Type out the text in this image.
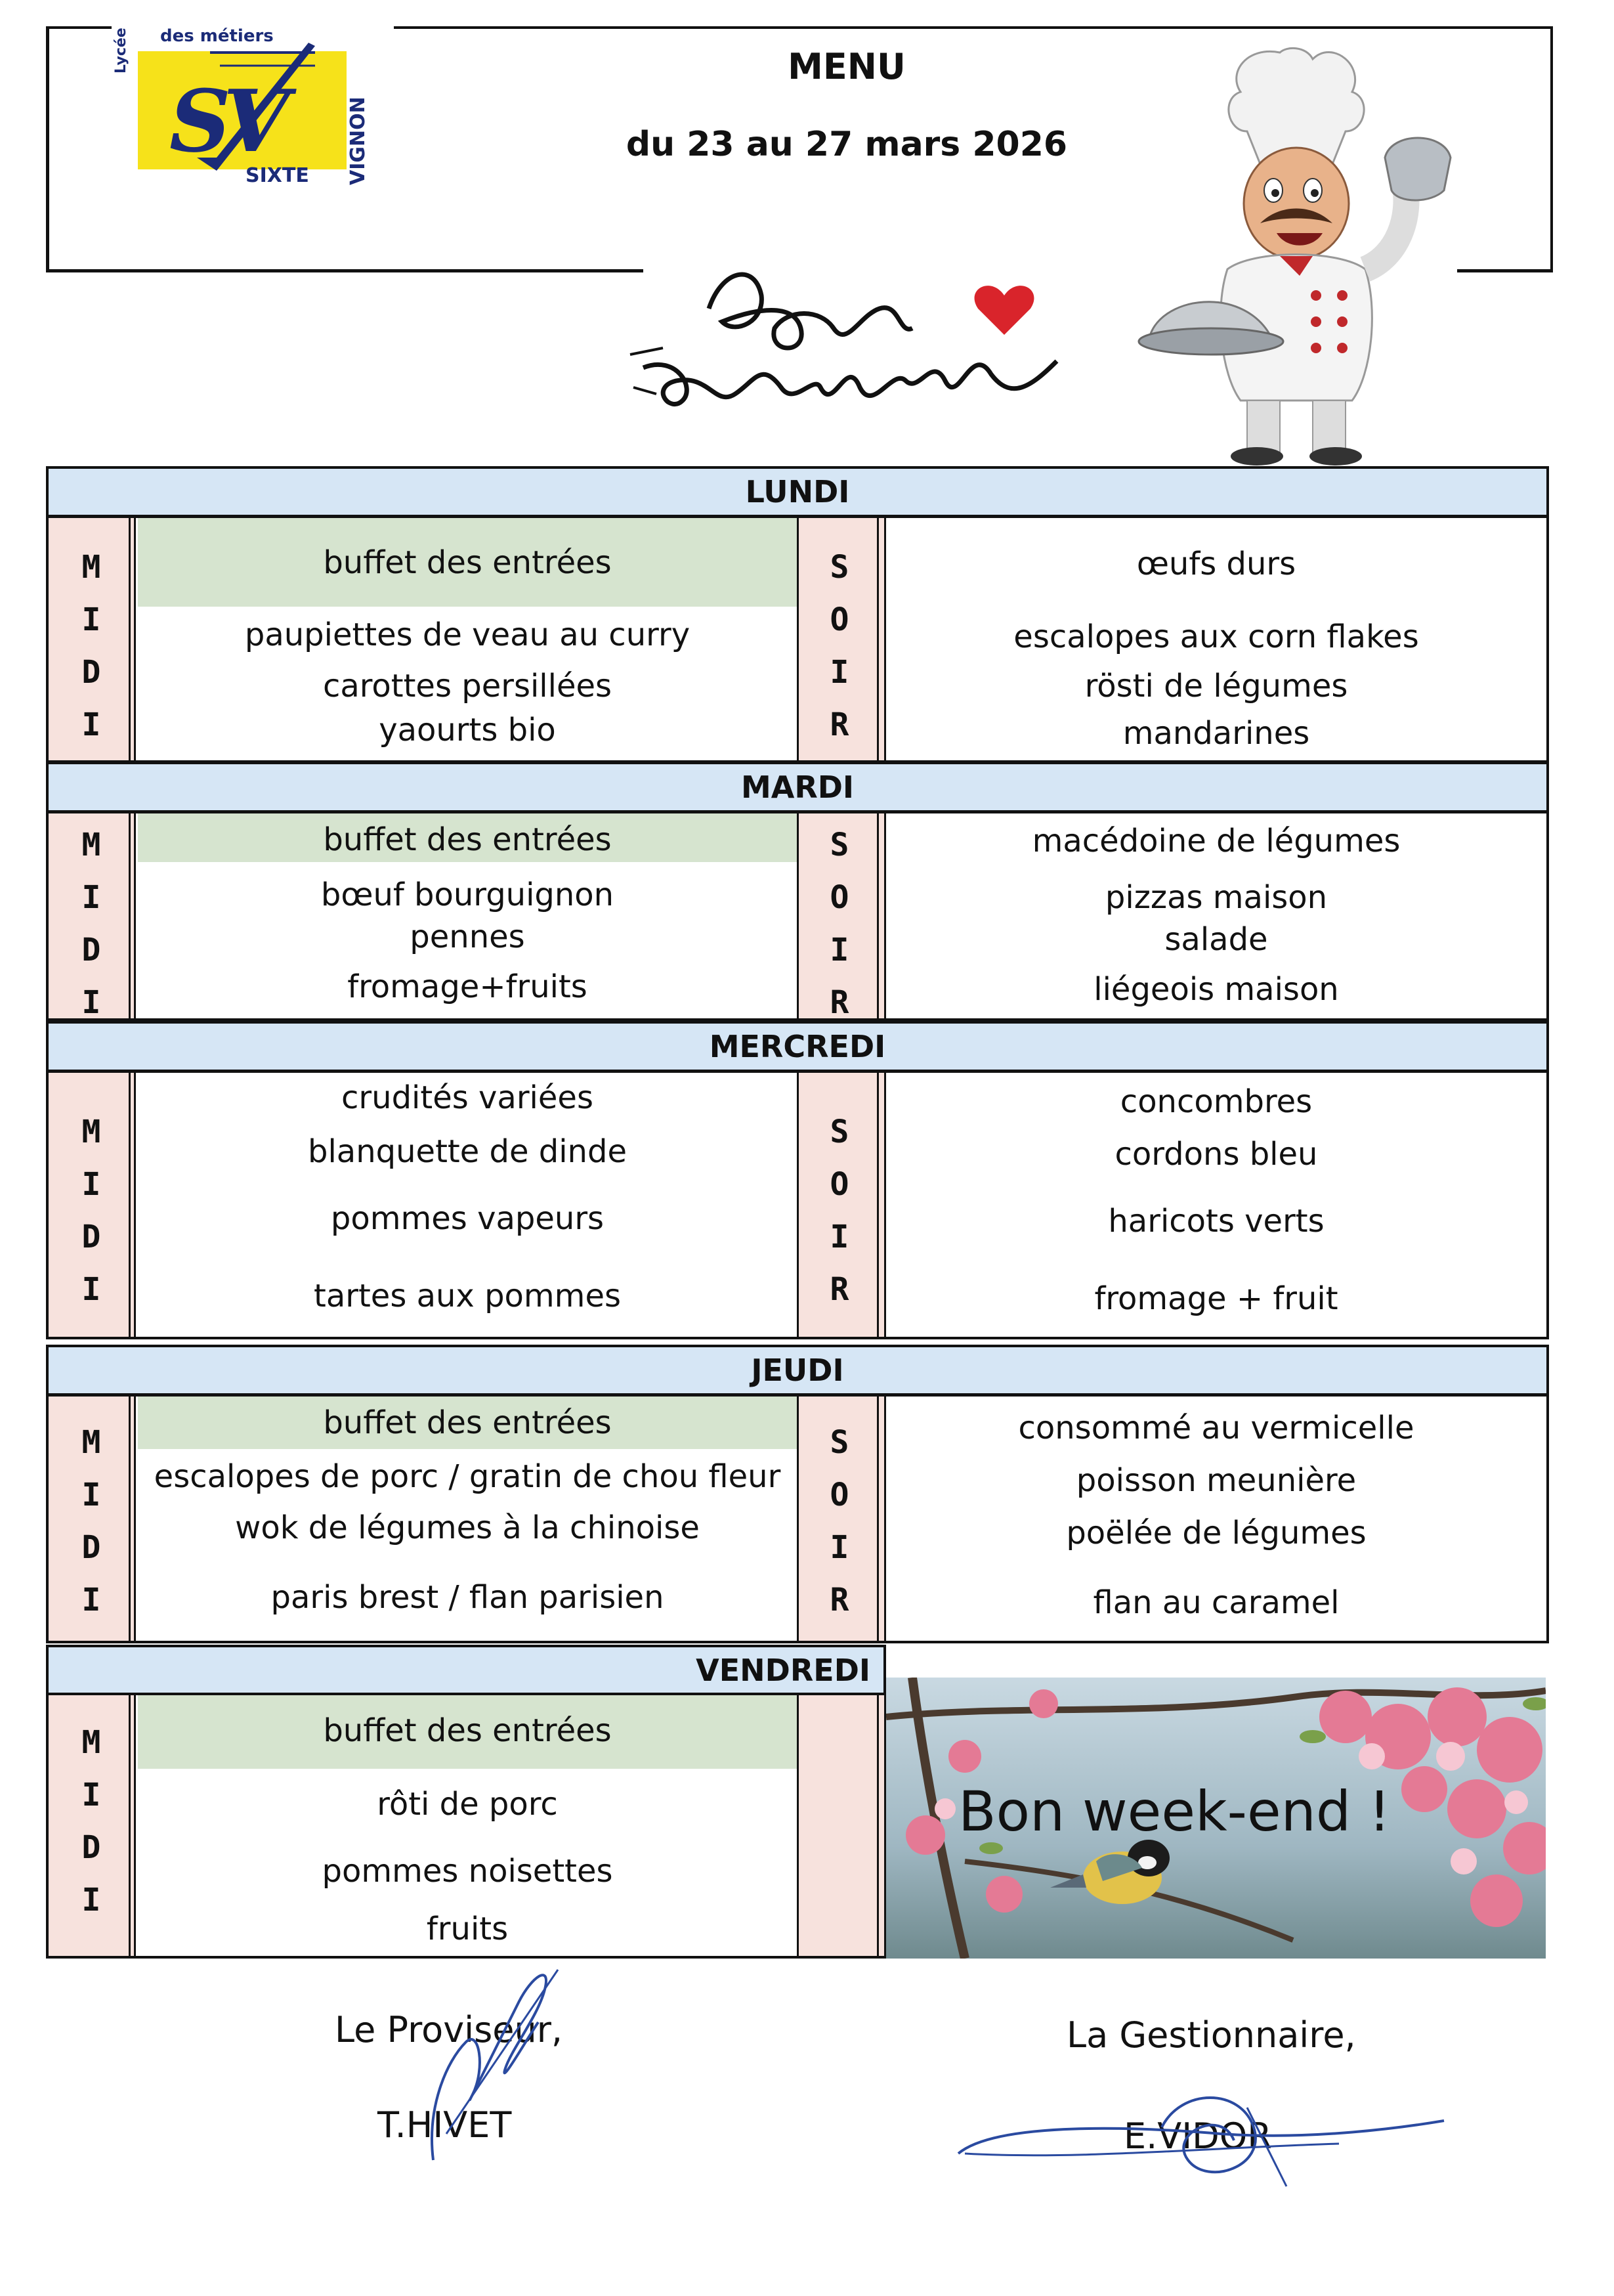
des métiers
Lycée
SV
SIXTE VIGNON
MENU
du 23 au 27 mars 2026
LUNDI
M
I
D
I
S
O
I
R
buffet des entrées
paupiettes de veau au curry
carottes persillées
yaourts bio
œufs durs
escalopes aux corn flakes
rösti de légumes
mandarines
MARDI
M
I
D
I
S
O
I
R
buffet des entrées
bœuf bourguignon
pennes
fromage+fruits
macédoine de légumes
pizzas maison
salade
liégeois maison
MERCREDI
M
I
D
I
S
O
I
R
crudités variées
blanquette de dinde
pommes vapeurs
tartes aux pommes
concombres
cordons bleu
haricots verts
fromage + fruit
JEUDI
M
I
D
I
S
O
I
R
buffet des entrées
escalopes de porc / gratin de chou fleur
wok de légumes à la chinoise
paris brest / flan parisien
consommé au vermicelle
poisson meunière
poëlée de légumes
flan au caramel
VENDREDI
M
I
D
I
buffet des entrées
rôti de porc
pommes noisettes
fruits
Bon week-end !
Le Proviseur,
T.HIVET
La Gestionnaire,
E.VIDOR
